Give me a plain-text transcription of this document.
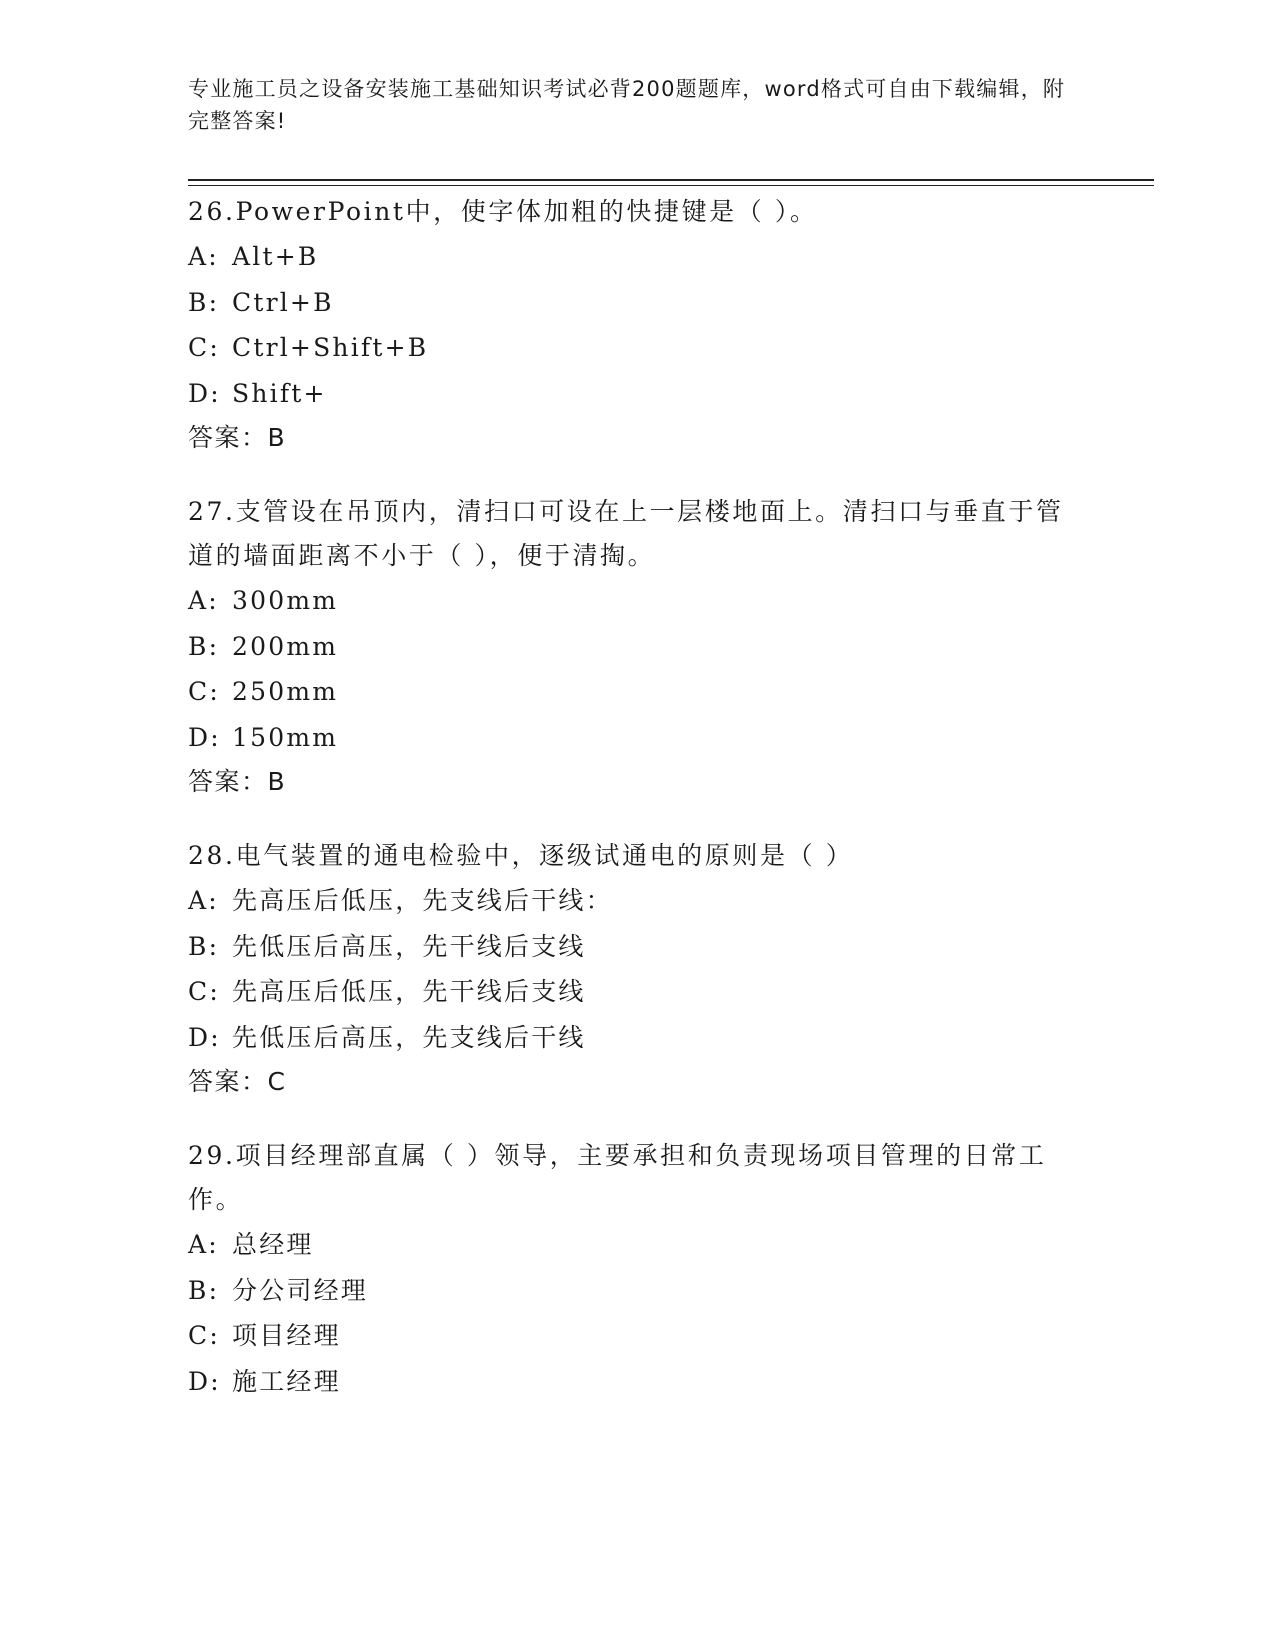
专业施工员之设备安装施工基础知识考试必背200题题库，word格式可自由下载编辑，附完整答案!
26.PowerPoint中，使字体加粗的快捷键是（ ）。
A: Alt+B
B: Ctrl+B
C: Ctrl+Shift+B
D: Shift+
答案：B
27.支管设在吊顶内，清扫口可设在上一层楼地面上。清扫口与垂直于管道的墙面距离不小于（ ），便于清掏。
A: 300mm
B: 200mm
C: 250mm
D: 150mm
答案：B
28.电气装置的通电检验中，逐级试通电的原则是（ ）
A: 先高压后低压，先支线后干线：
B: 先低压后高压，先干线后支线
C: 先高压后低压，先干线后支线
D: 先低压后高压，先支线后干线
答案：C
29.项目经理部直属（ ）领导，主要承担和负责现场项目管理的日常工作。
A: 总经理
B: 分公司经理
C: 项目经理
D: 施工经理
